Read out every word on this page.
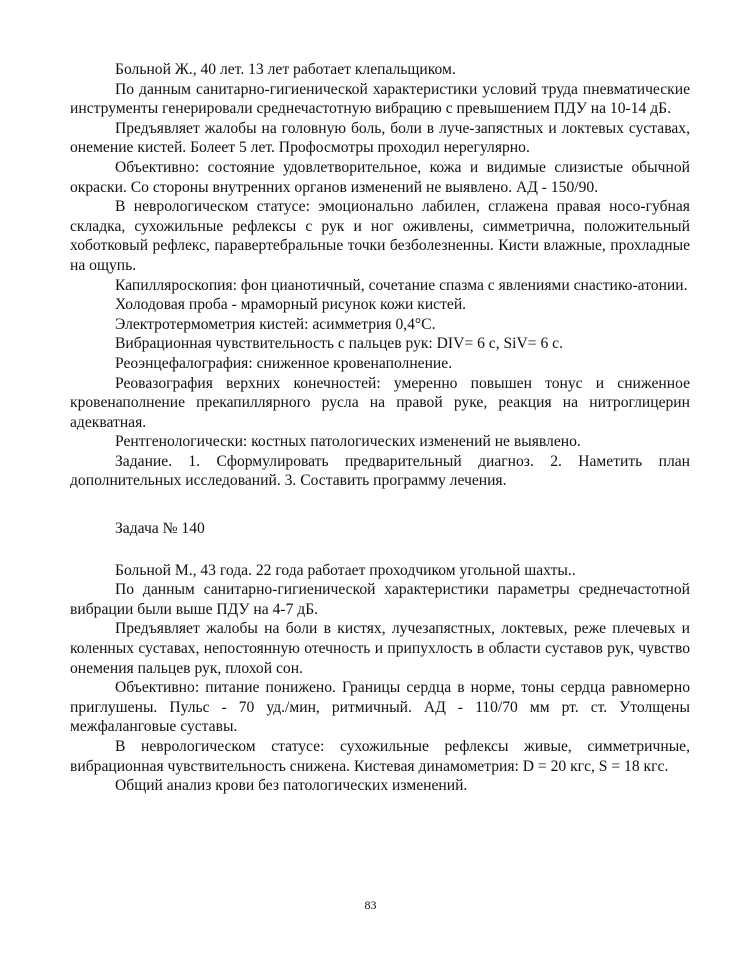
Больной Ж., 40 лет. 13 лет работает клепальщиком.

По данным санитарно-гигиенической характеристики условий труда пневматические инструменты генерировали среднечастотную вибрацию с превышением ПДУ на 10-14 дБ.

Предъявляет жалобы на головную боль, боли в луче-запястных и локтевых суставах, онемение кистей. Болеет 5 лет. Профосмотры проходил нерегулярно.

Объективно: состояние удовлетворительное, кожа и видимые слизистые обычной окраски. Со стороны внутренних органов изменений не выявлено. АД - 150/90.

В неврологическом статусе: эмоционально лабилен, сглажена правая носо-губная складка, сухожильные рефлексы с рук и ног оживлены, симметрична, положительный хоботковый рефлекс, паравертебральные точки безболезненны. Кисти влажные, прохладные на ощупь.

Капилляроскопия: фон цианотичный, сочетание спазма с явлениями снастико-атонии.

Холодовая проба - мраморный рисунок кожи кистей.

Электротермометрия кистей: асимметрия 0,4°С.

Вибрационная чувствительность с пальцев рук: DIV= 6 с, SiV= 6 с.

Реоэнцефалография: сниженное кровенаполнение.

Реовазография верхних конечностей: умеренно повышен тонус и сниженное кровенаполнение прекапиллярного русла на правой руке, реакция на нитроглицерин адекватная.

Рентгенологически: костных патологических изменений не выявлено.

Задание. 1. Сформулировать предварительный диагноз. 2. Наметить план дополнительных исследований. 3. Составить программу лечения.

Задача № 140

Больной М., 43 года. 22 года работает проходчиком угольной шахты..

По данным санитарно-гигиенической характеристики параметры среднечастотной вибрации были выше ПДУ на 4-7 дБ.

Предъявляет жалобы на боли в кистях, лучезапястных, локтевых, реже плечевых и коленных суставах, непостоянную отечность и припухлость в области суставов рук, чувство онемения пальцев рук, плохой сон.

Объективно: питание понижено. Границы сердца в норме, тоны сердца равномерно приглушены. Пульс - 70 уд./мин, ритмичный. АД - 110/70 мм рт. ст. Утолщены межфаланговые суставы.

В неврологическом статусе: сухожильные рефлексы живые, симметричные, вибрационная чувствительность снижена. Кистевая динамометрия: D = 20 кгс, S = 18 кгс.

Общий анализ крови без патологических изменений.

83
